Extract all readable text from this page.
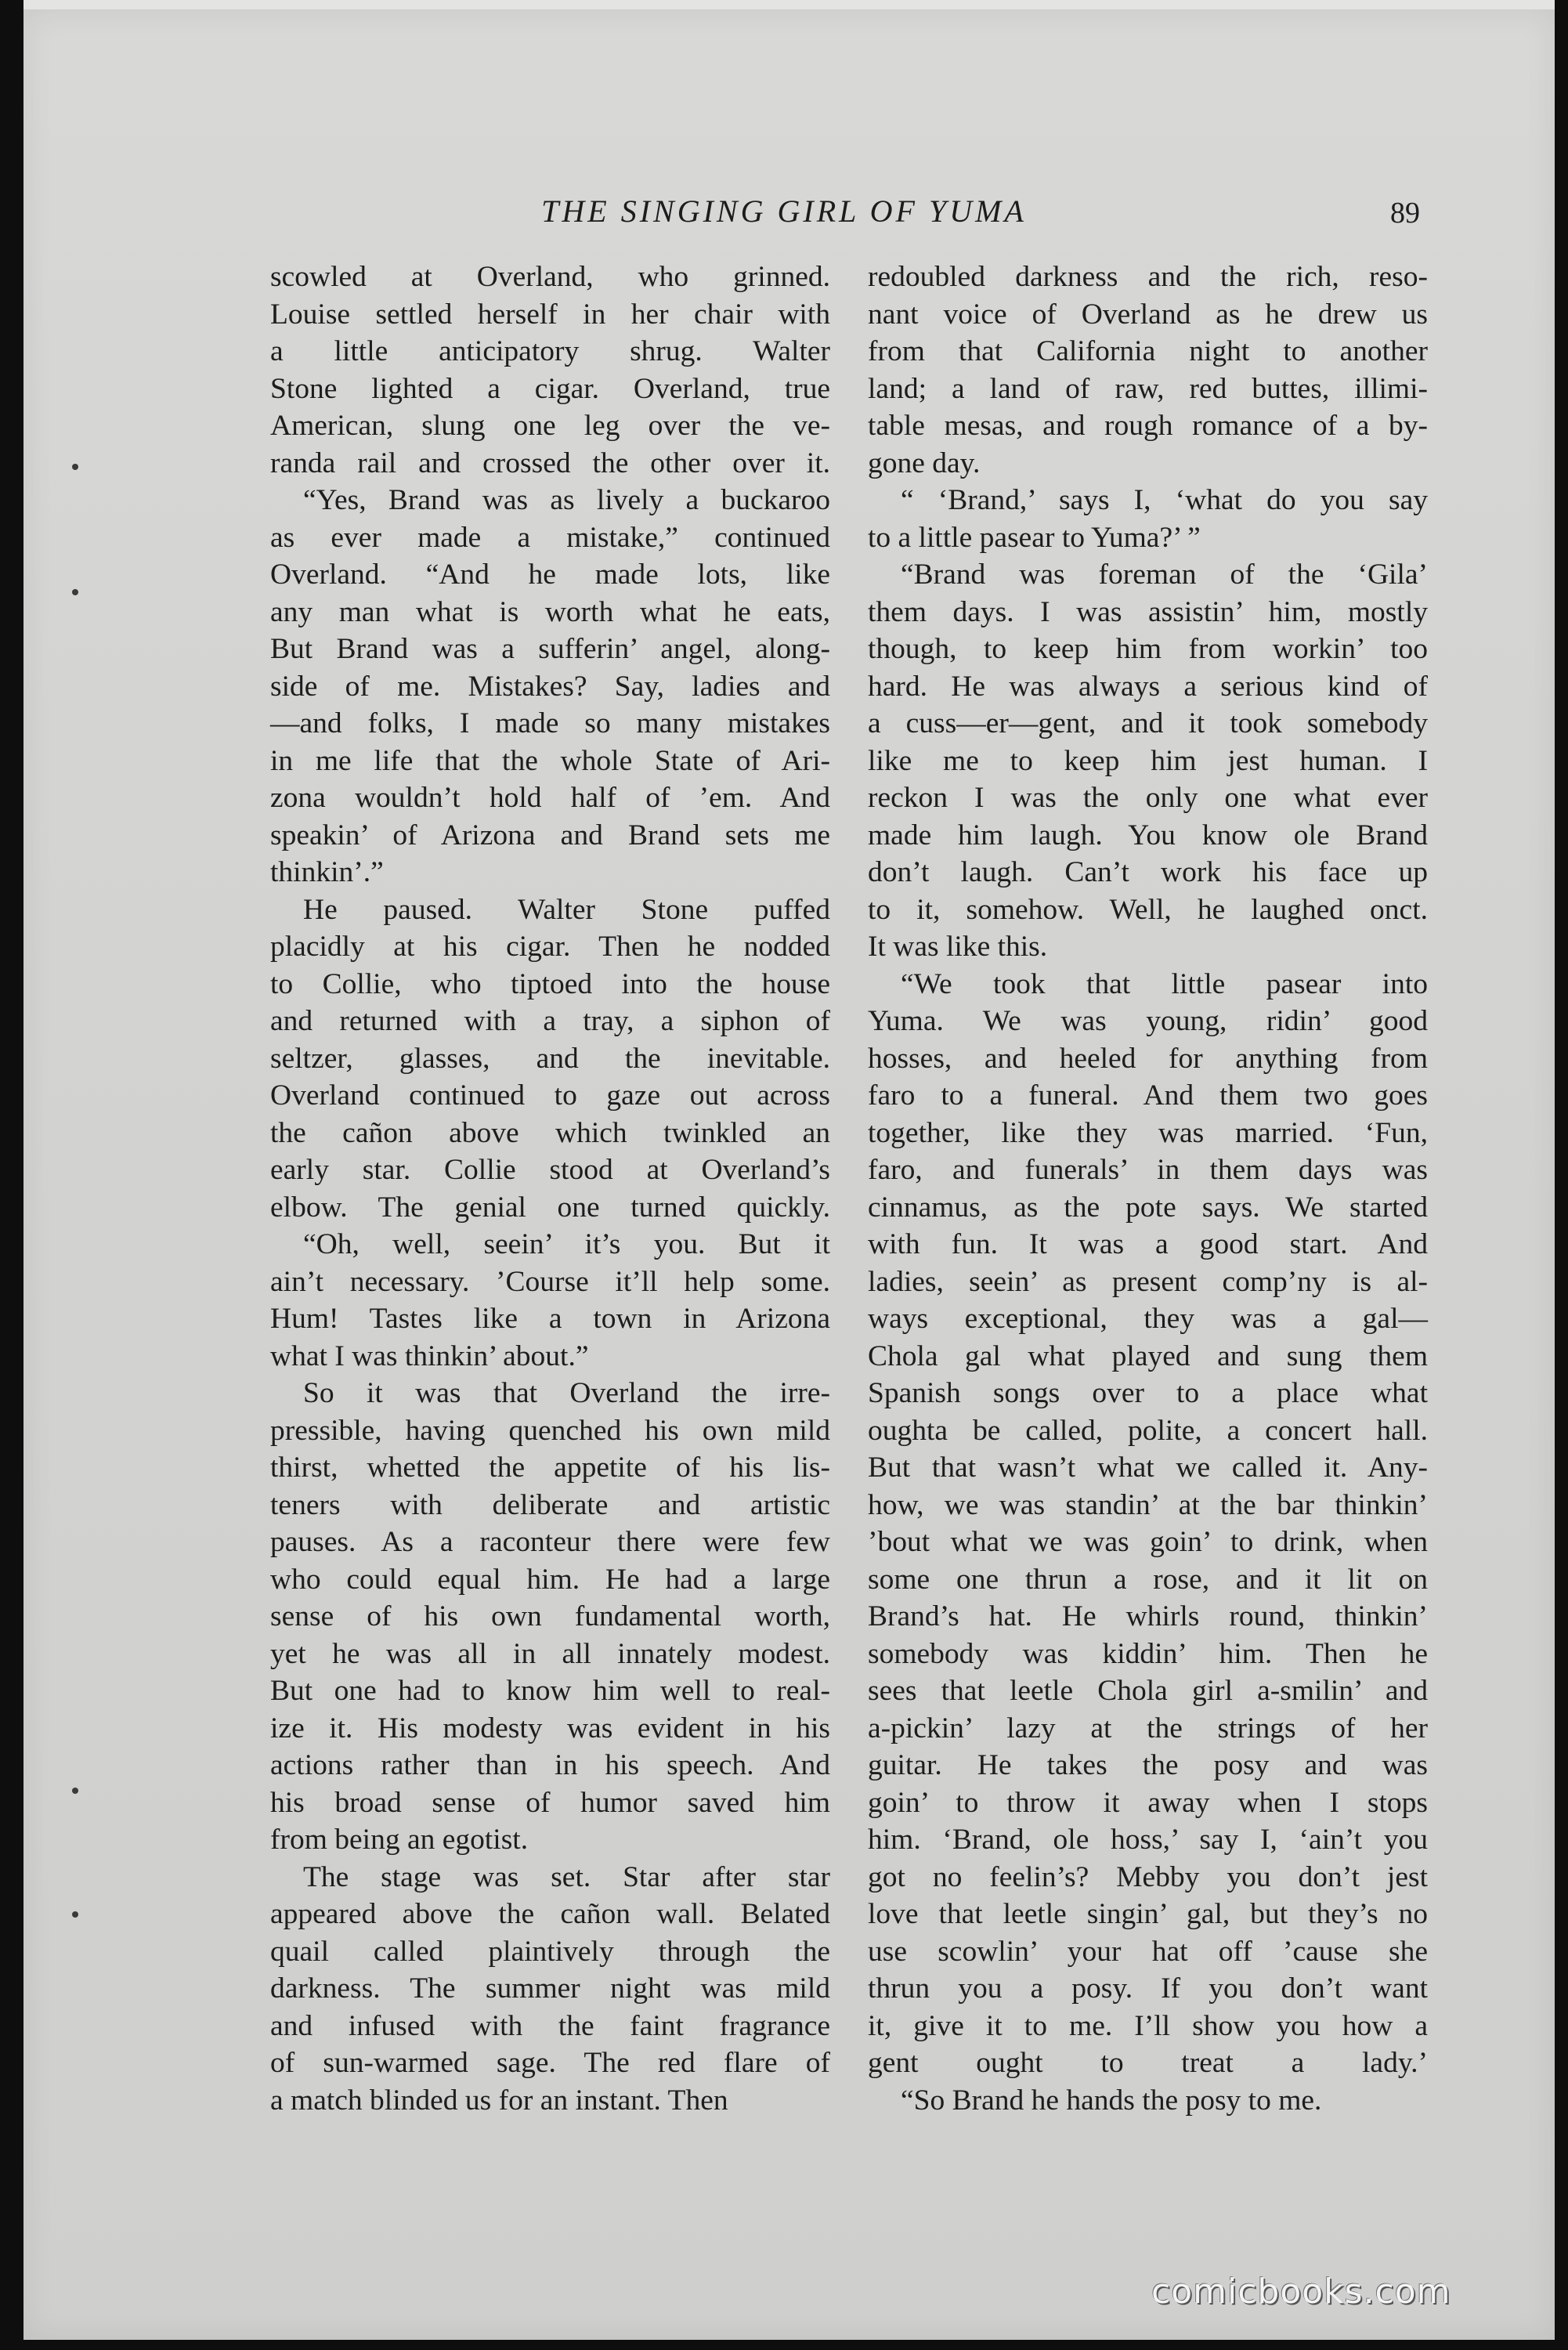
THE SINGING GIRL OF YUMA	89
scowled at Overland, who grinned.
Louise settled herself in her chair with
a little anticipatory shrug. Walter
Stone lighted a cigar. Overland, true
American, slung one leg over the ve-
randa rail and crossed the other over it.
“Yes, Brand was as lively a buckaroo
as ever made a mistake,” continued
Overland. “And he made lots, like
any man what is worth what he eats,
But Brand was a sufferin’ angel, along-
side of me. Mistakes? Say, ladies and
—and folks, I made so many mistakes
in me life that the whole State of Ari-
zona wouldn’t hold half of ’em. And
speakin’ of Arizona and Brand sets me
thinkin’.”
He paused. Walter Stone puffed
placidly at his cigar. Then he nodded
to Collie, who tiptoed into the house
and returned with a tray, a siphon of
seltzer, glasses, and the inevitable.
Overland continued to gaze out across
the cañon above which twinkled an
early star. Collie stood at Overland’s
elbow. The genial one turned quickly.
“Oh, well, seein’ it’s you. But it
ain’t necessary. ’Course it’ll help some.
Hum! Tastes like a town in Arizona
what I was thinkin’ about.”
So it was that Overland the irre-
pressible, having quenched his own mild
thirst, whetted the appetite of his lis-
teners with deliberate and artistic
pauses. As a raconteur there were few
who could equal him. He had a large
sense of his own fundamental worth,
yet he was all in all innately modest.
But one had to know him well to real-
ize it. His modesty was evident in his
actions rather than in his speech. And
his broad sense of humor saved him
from being an egotist.
The stage was set. Star after star
appeared above the cañon wall. Belated
quail called plaintively through the
darkness. The summer night was mild
and infused with the faint fragrance
of sun-warmed sage. The red flare of
a match blinded us for an instant. Then
redoubled darkness and the rich, reso-
nant voice of Overland as he drew us
from that California night to another
land; a land of raw, red buttes, illimi-
table mesas, and rough romance of a by-
gone day.
“ ‘Brand,’ says I, ‘what do you say
to a little pasear to Yuma?’ ”
“Brand was foreman of the ‘Gila’
them days. I was assistin’ him, mostly
though, to keep him from workin’ too
hard. He was always a serious kind of
a cuss—er—gent, and it took somebody
like me to keep him jest human. I
reckon I was the only one what ever
made him laugh. You know ole Brand
don’t laugh. Can’t work his face up
to it, somehow. Well, he laughed onct.
It was like this.
“We took that little pasear into
Yuma. We was young, ridin’ good
hosses, and heeled for anything from
faro to a funeral. And them two goes
together, like they was married. ‘Fun,
faro, and funerals’ in them days was
cinnamus, as the pote says. We started
with fun. It was a good start. And
ladies, seein’ as present comp’ny is al-
ways exceptional, they was a gal—
Chola gal what played and sung them
Spanish songs over to a place what
oughta be called, polite, a concert hall.
But that wasn’t what we called it. Any-
how, we was standin’ at the bar thinkin’
’bout what we was goin’ to drink, when
some one thrun a rose, and it lit on
Brand’s hat. He whirls round, thinkin’
somebody was kiddin’ him. Then he
sees that leetle Chola girl a-smilin’ and
a-pickin’ lazy at the strings of her
guitar. He takes the posy and was
goin’ to throw it away when I stops
him. ‘Brand, ole hoss,’ say I, ‘ain’t you
got no feelin’s? Mebby you don’t jest
love that leetle singin’ gal, but they’s no
use scowlin’ your hat off ’cause she
thrun you a posy. If you don’t want
it, give it to me. I’ll show you how a
gent ought to treat a lady.’
“So Brand he hands the posy to me.
comicbooks.com
